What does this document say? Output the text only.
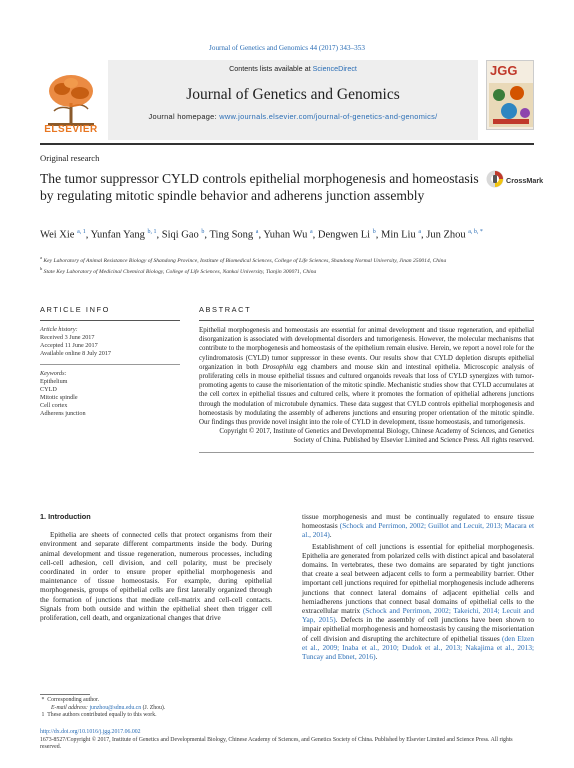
Journal of Genetics and Genomics 44 (2017) 343–353
ELSEVIER
Contents lists available at ScienceDirect
Journal of Genetics and Genomics
Journal homepage: www.journals.elsevier.com/journal-of-genetics-and-genomics/
JGG
Original research
The tumor suppressor CYLD controls epithelial morphogenesis and homeostasis by regulating mitotic spindle behavior and adherens junction assembly
CrossMark
Wei Xie $^{a, 1}$, Yunfan Yang $^{b, 1}$, Siqi Gao $^b$, Ting Song $^a$, Yuhan Wu $^a$, Dengwen Li $^b$, Min Liu $^a$, Jun Zhou $^{a, b, *}$
$^a$ Key Laboratory of Animal Resistance Biology of Shandong Province, Institute of Biomedical Sciences, College of Life Sciences, Shandong Normal University, Jinan 250014, China
$^b$ State Key Laboratory of Medicinal Chemical Biology, College of Life Sciences, Nankai University, Tianjin 300071, China
ARTICLE INFO
Article history:
Received 3 June 2017
Accepted 11 June 2017
Available online 8 July 2017
Keywords:
Epithelium
CYLD
Mitotic spindle
Cell cortex
Adherens junction
ABSTRACT
Epithelial morphogenesis and homeostasis are essential for animal development and tissue regeneration, and epithelial disorganization is associated with developmental disorders and tumorigenesis. However, the molecular mechanisms that contribute to the morphogenesis and homeostasis of the epithelium remain elusive. Herein, we report a novel role for the cylindromatosis (CYLD) tumor suppressor in these events. Our results show that CYLD depletion disrupts epithelial organization in both Drosophila egg chambers and mouse skin and intestinal epithelia. Microscopic analysis of proliferating cells in mouse epithelial tissues and cultured organoids reveals that loss of CYLD synergizes with tumor-promoting agents to cause the misorientation of the mitotic spindle. Mechanistic studies show that CYLD accumulates at the cell cortex in epithelial tissues and cultured cells, where it promotes the formation of epithelial adherens junctions through the modulation of microtubule dynamics. These data suggest that CYLD controls epithelial morphogenesis and homeostasis by modulating the assembly of adherens junctions and ensuring proper orientation of the mitotic spindle. Our findings thus provide novel insight into the role of CYLD in development, tissue homeostasis, and tumorigenesis.
Copyright © 2017, Institute of Genetics and Developmental Biology, Chinese Academy of Sciences, and Genetics Society of China. Published by Elsevier Limited and Science Press. All rights reserved.
1. Introduction

Epithelia are sheets of connected cells that protect organisms from their environment and separate different compartments inside the body. During animal development and tissue regeneration, numerous processes, including cell-cell adhesion, cell division, and cell polarity, must be precisely coordinated in order to ensure proper epithelial morphogenesis and maintenance of tissue homeostasis. For example, during epithelial morphogenesis, groups of epithelial cells are first laterally organized through the formation of junctions that mediate cell-matrix and cell-cell contacts. Signals from both outside and within the epithelial sheet then trigger cell proliferation, cell death, and organizational changes that drive

tissue morphogenesis and must be continually regulated to ensure tissue homeostasis (Schock and Perrimon, 2002; Guillot and Lecuit, 2013; Macara et al., 2014).

Establishment of cell junctions is essential for epithelial morphogenesis. Epithelia are generated from polarized cells with distinct apical and basolateral domains. In vertebrates, these two domains are separated by tight junctions that create a seal between adjacent cells to form a permeability barrier. Other important cell junctions required for epithelial morphogenesis include adherens junctions that connect lateral domains of adjacent epithelial cells and hemiadherens junctions that connect basal domains of epithelial cells to the extracellular matrix (Schock and Perrimon, 2002; Takeichi, 2014; Lecuit and Yap, 2015). Defects in the assembly of cell junctions have been shown to impair epithelial morphogenesis and homeostasis by causing the misorientation of cell division and disrupting the architecture of epithelial tissues (den Elzen et al., 2009; Inaba et al., 2010; Dudok et al., 2013; Nakajima et al., 2013; Tuncay and Ebnet, 2016).

*  Corresponding author.
E-mail address: junzhou@sdnu.edu.cn (J. Zhou).
1  These authors contributed equally to this work.
http://dx.doi.org/10.1016/j.jgg.2017.06.002
1673-8527/Copyright © 2017, Institute of Genetics and Developmental Biology, Chinese Academy of Sciences, and Genetics Society of China. Published by Elsevier Limited and Science Press. All rights reserved.
